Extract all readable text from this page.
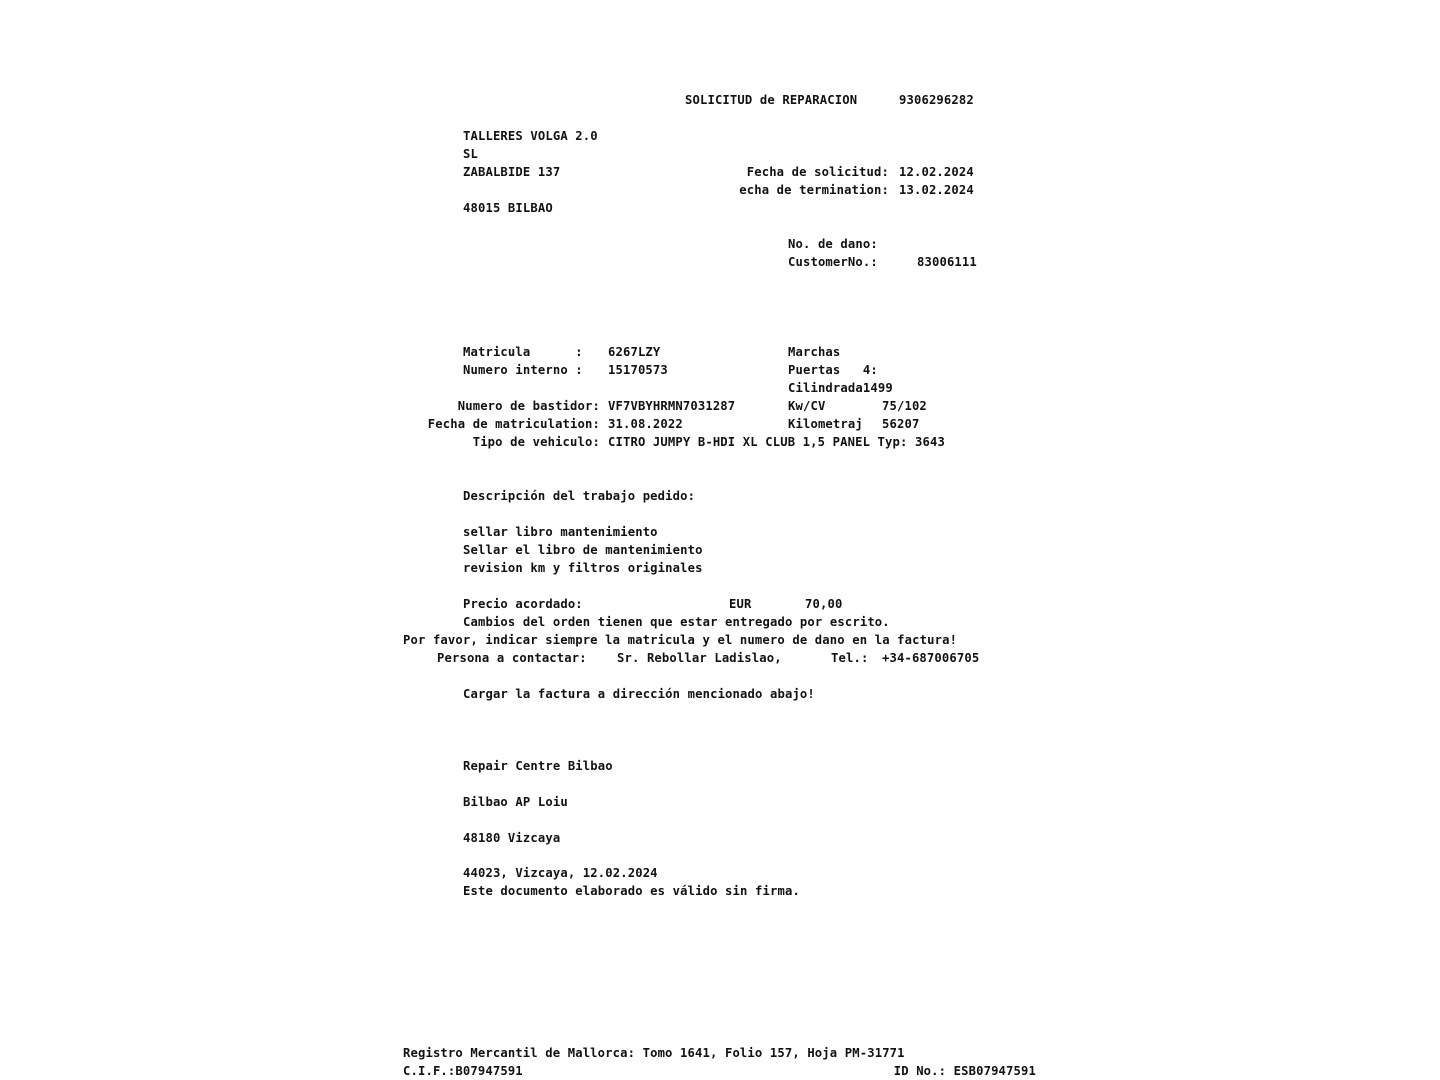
SOLICITUD de REPARACION	9306296282
TALLERES VOLGA 2.0
SL
ZABALBIDE 137
48015 BILBAO
Fecha de solicitud: 12.02.2024
echa de termination: 13.02.2024
No. de dano:
CustomerNo.:	83006111
Matricula      : 6267LZY
Numero interno : 15170573
Numero de bastidor: VF7VBYHRMN7031287
Fecha de matriculation: 31.08.2022
Tipo de vehiculo: CITRO JUMPY B-HDI XL CLUB 1,5 PANEL Typ: 3643
Marchas
Puertas   4:
Cilindrada1499
Kw/CV	75/102
Kilometraj 56207
Descripción del trabajo pedido:
sellar libro mantenimiento
Sellar el libro de mantenimiento
revision km y filtros originales
Precio acordado:	EUR	70,00
Cambios del orden tienen que estar entregado por escrito.
Por favor, indicar siempre la matricula y el numero de dano en la factura!
Persona a contactar: Sr. Rebollar Ladislao,	Tel.: +34-687006705
Cargar la factura a dirección mencionado abajo!
Repair Centre Bilbao
Bilbao AP Loiu
48180 Vizcaya
44023, Vizcaya, 12.02.2024
Este documento elaborado es válido sin firma.
Registro Mercantil de Mallorca: Tomo 1641, Folio 157, Hoja PM-31771
C.I.F.:B07947591	ID No.: ESB07947591
